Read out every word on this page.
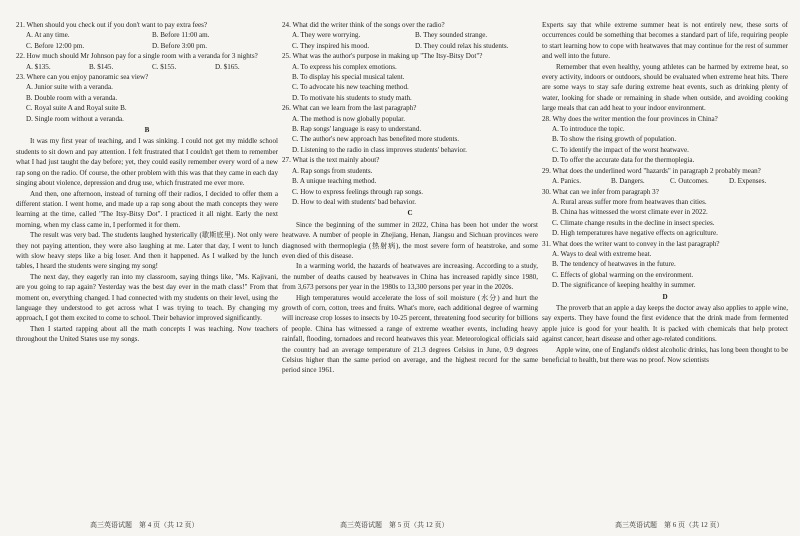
21. When should you check out if you don't want to pay extra fees?
A. At any time.	B. Before 11:00 am.
C. Before 12:00 pm.	D. Before 3:00 pm.
22. How much should Mr Johnson pay for a single room with a veranda for 3 nights?
A. $135.	B. $145.	C. $155.	D. $165.
23. Where can you enjoy panoramic sea view?
A. Junior suite with a veranda.
B. Double room with a veranda.
C. Royal suite A and Royal suite B.
D. Single room without a veranda.
B

It was my first year of teaching, and I was sinking. I could not get my middle school students to sit down and pay attention. I felt frustrated that I couldn't get them to remember what I had just taught the day before; yet, they could easily remember every word of a new rap song on the radio. Of course, the other problem with this was that they came in each day singing about violence, depression and drug use, which frustrated me ever more.

And then, one afternoon, instead of turning off their radios, I decided to offer them a different station. I went home, and made up a rap song about the math concepts they were learning at the time, called "The Itsy-Bitsy Dot". I practiced it all night. Early the next morning, when my class came in, I performed it for them.

The result was very bad. The students laughed hysterically (歇斯底里). Not only were they not paying attention, they were also laughing at me. Later that day, I went to lunch with slow heavy steps like a big loser. And then it happened. As I walked by the lunch tables, I heard the students were singing my song!

The next day, they eagerly ran into my classroom, saying things like, "Ms. Kajivani, are you going to rap again? Yesterday was the best day ever in the math class!" From that moment on, everything changed. I had connected with my students on their level, using the language they understood to get across what I was trying to teach. By changing my approach, I got them excited to come to school. Their behavior improved significantly.

Then I started rapping about all the math concepts I was teaching. Now teachers throughout the United States use my songs.

24. What did the writer think of the songs over the radio?
A. They were worrying.	B. They sounded strange.
C. They inspired his mood.	D. They could relax his students.
25. What was the author's purpose in making up "The Itsy-Bitsy Dot"?
A. To express his complex emotions.
B. To display his special musical talent.
C. To advocate his new teaching method.
D. To motivate his students to study math.
26. What can we learn from the last paragraph?
A. The method is now globally popular.
B. Rap songs' language is easy to understand.
C. The author's new approach has benefited more students.
D. Listening to the radio in class improves students' behavior.
27. What is the text mainly about?
A. Rap songs from students.
B. A unique teaching method.
C. How to express feelings through rap songs.
D. How to deal with students' bad behavior.
C

Since the beginning of the summer in 2022, China has been hot under the worst heatwave. A number of people in Zhejiang, Henan, Jiangsu and Sichuan provinces were diagnosed with thermoplegia (热射病), the most severe form of heatstroke, and some even died of this disease.

In a warming world, the hazards of heatwaves are increasing. According to a study, the number of deaths caused by heatwaves in China has increased rapidly since 1980, from 3,673 persons per year in the 1980s to 13,300 persons per year in the 2020s.

High temperatures would accelerate the loss of soil moisture (水分) and hurt the growth of corn, cotton, trees and fruits. What's more, each additional degree of warming will increase crop losses to insects by 10-25 percent, threatening food security for billions of people. China has witnessed a range of extreme weather events, including heavy rainfall, flooding, tornadoes and record heatwaves this year. Meteorological officials said the country had an average temperature of 21.3 degrees Celsius in June, 0.9 degrees Celsius higher than the same period on average, and the highest record for the same period since 1961.

Experts say that while extreme summer heat is not entirely new, these sorts of occurrences could be something that becomes a standard part of life, requiring people to start learning how to cope with heatwaves that may continue for the rest of summer and well into the future.

Remember that even healthy, young athletes can be harmed by extreme heat, so every activity, indoors or outdoors, should be evaluated when extreme heat hits. There are some ways to stay safe during extreme heat events, such as drinking plenty of water, looking for shade or remaining in shade when outside, and avoiding cooking large meals that can add heat to your indoor environment.

28. Why does the writer mention the four provinces in China?
A. To introduce the topic.
B. To show the rising growth of population.
C. To identify the impact of the worst heatwave.
D. To offer the accurate data for the thermoplegia.
29. What does the underlined word "hazards" in paragraph 2 probably mean?
A. Panics.	B. Dangers.	C. Outcomes.	D. Expenses.
30. What can we infer from paragraph 3?
A. Rural areas suffer more from heatwaves than cities.
B. China has witnessed the worst climate ever in 2022.
C. Climate change results in the decline in insect species.
D. High temperatures have negative effects on agriculture.
31. What does the writer want to convey in the last paragraph?
A. Ways to deal with extreme heat.
B. The tendency of heatwaves in the future.
C. Effects of global warming on the environment.
D. The significance of keeping healthy in summer.
D

The proverb that an apple a day keeps the doctor away also applies to apple wine, say experts. They have found the first evidence that the drink made from fermented apple juice is good for your health. It is packed with chemicals that help protect against cancer, heart disease and other age-related conditions.

Apple wine, one of England's oldest alcoholic drinks, has long been thought to be beneficial to health, but there was no proof. Now scientists

高三英语试题　第 4 页（共 12 页）	高三英语试题　第 5 页（共 12 页）	高三英语试题　第 6 页（共 12 页）
